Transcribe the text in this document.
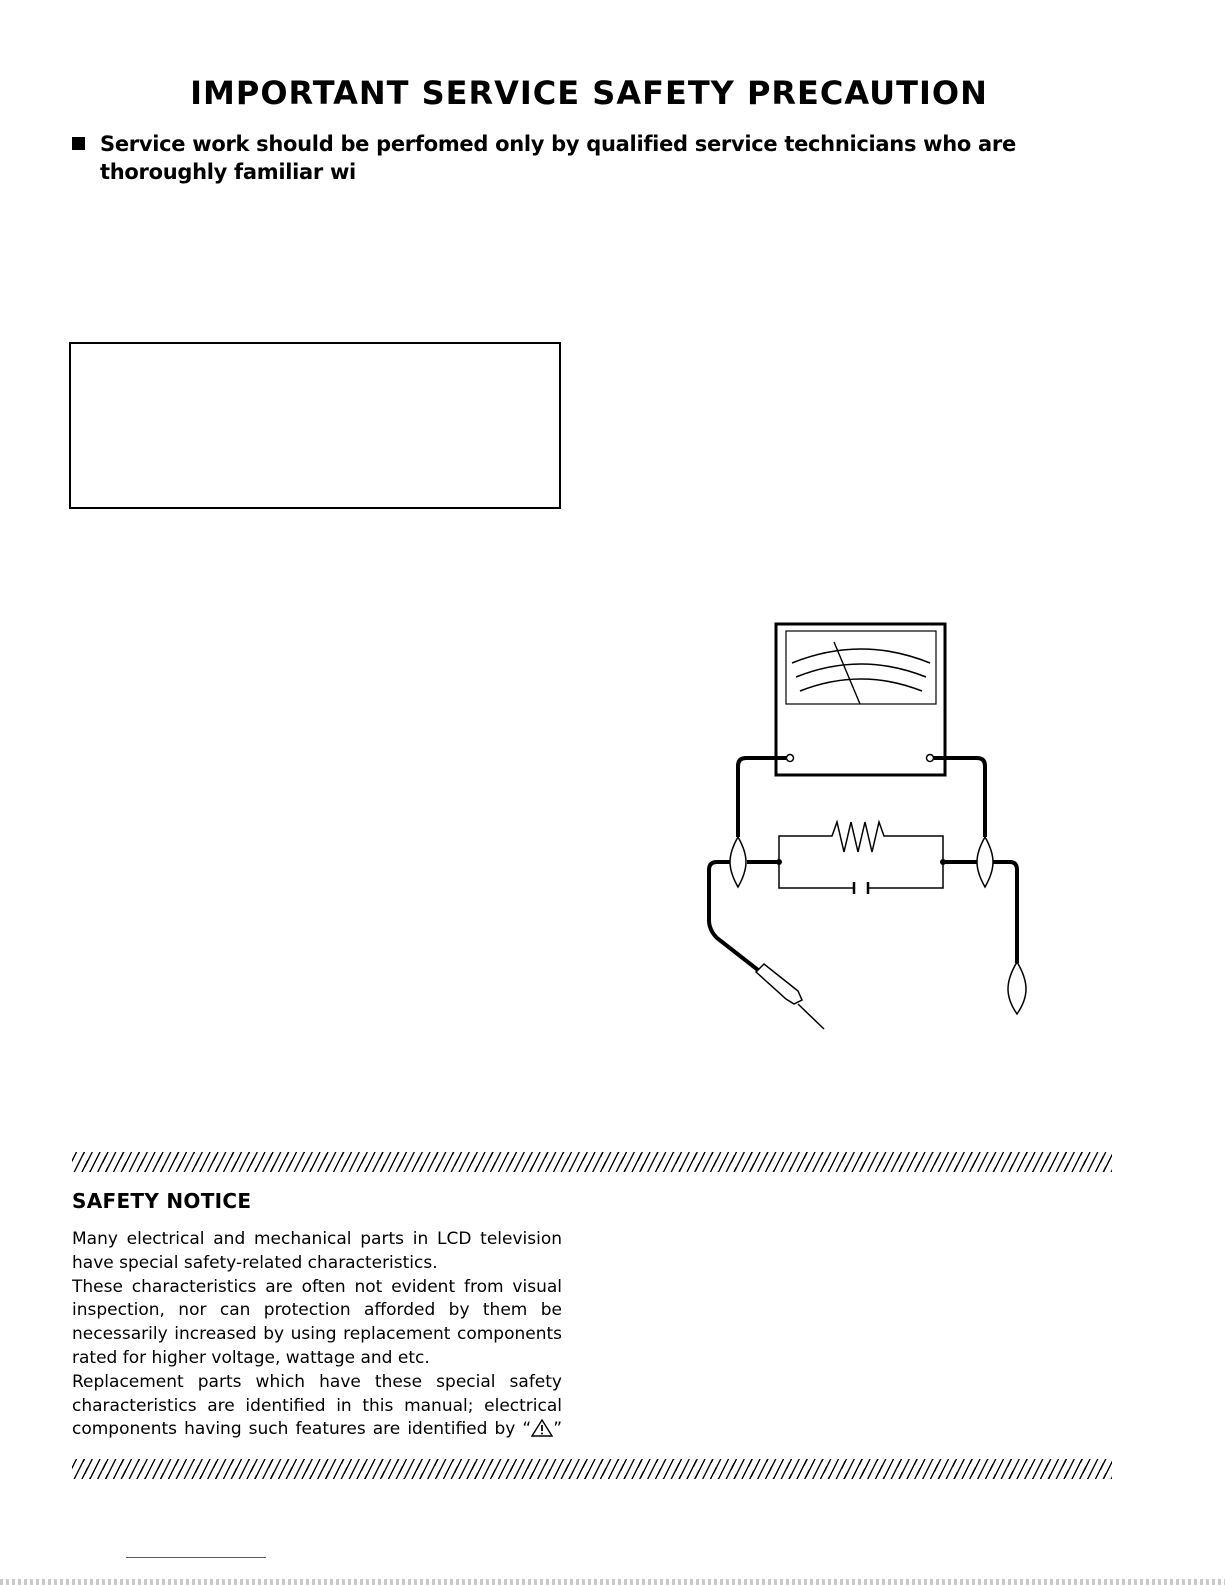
IMPORTANT SERVICE SAFETY PRECAUTION
Service work should be perfomed only by qualified service technicians who are thoroughly familiar wi
SAFETY NOTICE
Many electrical and mechanical parts in LCD television
have special safety-related characteristics.
These characteristics are often not evident from visual
inspection, nor can protection afforded by them be
necessarily increased by using replacement components
rated for higher voltage, wattage and etc.
Replacement parts which have these special safety
characteristics are identified in this manual; electrical
components having such features are identified by “ ”
